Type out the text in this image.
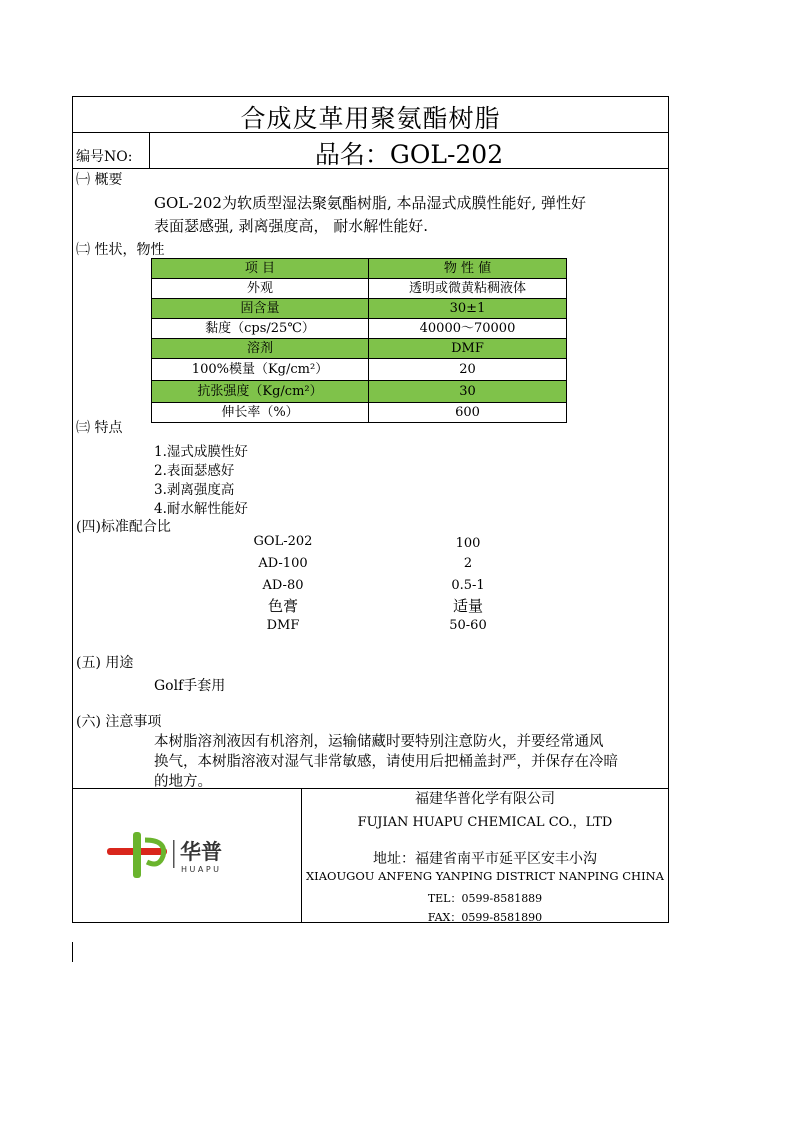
合成皮革用聚氨酯树脂
编号NO:	品名：GOL-202
㈠ 概要
GOL-202为软质型湿法聚氨酯树脂, 本品湿式成膜性能好, 弹性好
表面瑟感强, 剥离强度高， 耐水解性能好.
㈡ 性状，物性
项 目	物 性 値
外观	透明或微黄粘稠液体
固含量	30±1
黏度（cps/25℃）	40000～70000
溶剂	DMF
100%模量（Kg/cm²）	20
抗张强度（Kg/cm²）	30
伸长率（%）	600
㈢ 特点
1.湿式成膜性好
2.表面瑟感好
3.剥离强度高
4.耐水解性能好
(四)标准配合比
GOL-202	100
AD-100	2
AD-80	0.5-1
色膏	适量
DMF	50-60
(五) 用途
Golf手套用
(六) 注意事项
本树脂溶剂液因有机溶剂，运输储藏时要特别注意防火，并要经常通风
换气，本树脂溶液对湿气非常敏感，请使用后把桶盖封严，并保存在冷暗
的地方。
华普
HUAPU
福建华普化学有限公司
FUJIAN HUAPU CHEMICAL CO.，LTD
地址：福建省南平市延平区安丰小沟
XIAOUGOU ANFENG YANPING DISTRICT NANPING CHINA
TEL：0599-8581889
FAX：0599-8581890
